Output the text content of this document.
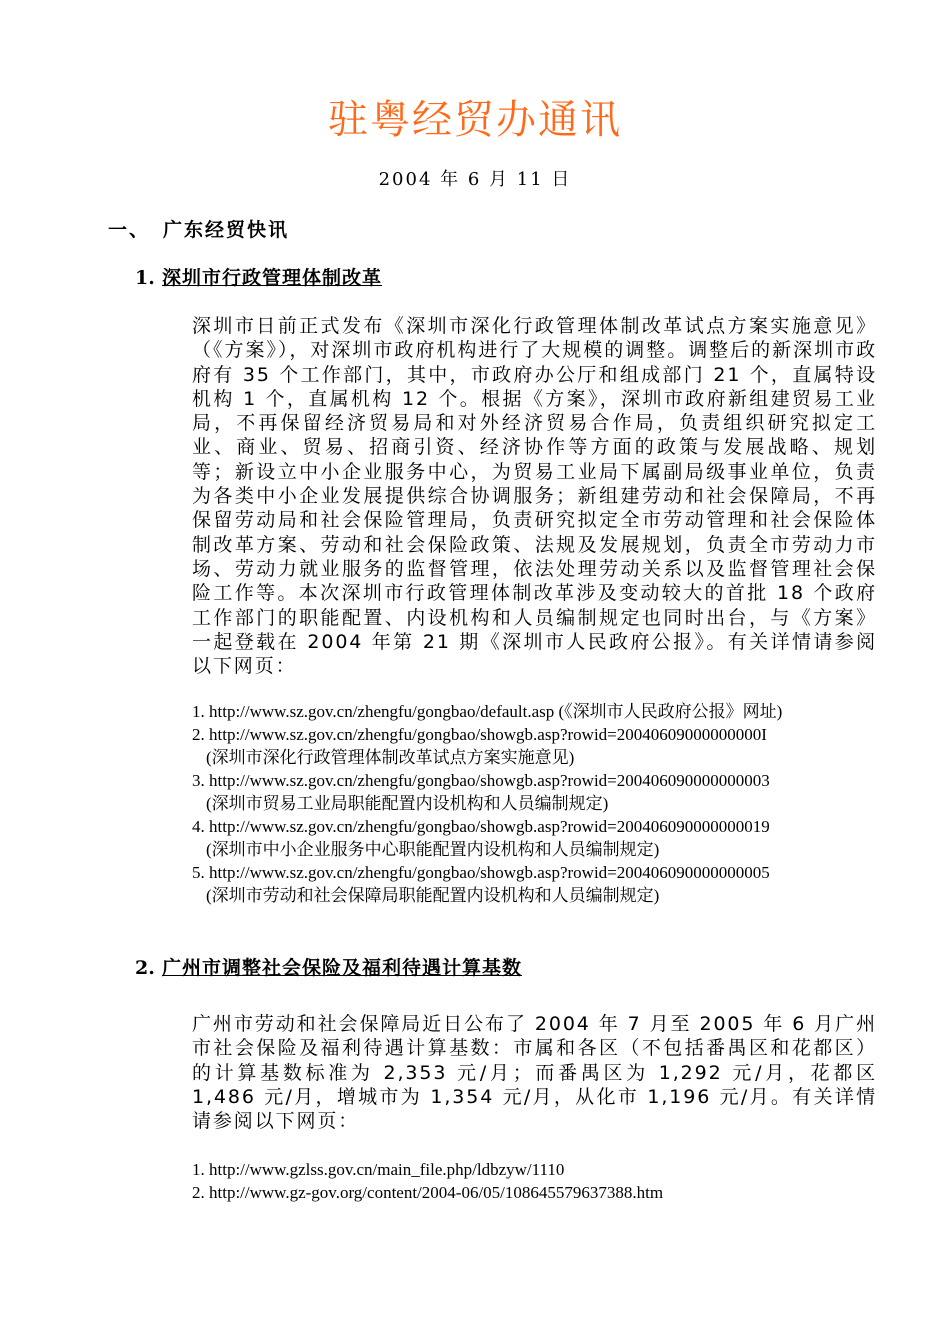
驻粤经贸办通讯
2004 年 6 月 11 日
一、 广东经贸快讯
1. 深圳市行政管理体制改革
深圳市日前正式发布《深圳市深化行政管理体制改革试点方案实施意见》（《方案》），对深圳市政府机构进行了大规模的调整。调整后的新深圳市政府有 35 个工作部门，其中，市政府办公厅和组成部门 21 个，直属特设机构 1 个，直属机构 12 个。根据《方案》，深圳市政府新组建贸易工业局，不再保留经济贸易局和对外经济贸易合作局，负责组织研究拟定工业、商业、贸易、招商引资、经济协作等方面的政策与发展战略、规划等；新设立中小企业服务中心，为贸易工业局下属副局级事业单位，负责为各类中小企业发展提供综合协调服务；新组建劳动和社会保障局，不再保留劳动局和社会保险管理局，负责研究拟定全市劳动管理和社会保险体制改革方案、劳动和社会保险政策、法规及发展规划，负责全市劳动力市场、劳动力就业服务的监督管理，依法处理劳动关系以及监督管理社会保险工作等。本次深圳市行政管理体制改革涉及变动较大的首批 18 个政府工作部门的职能配置、内设机构和人员编制规定也同时出台，与《方案》一起登载在 2004 年第 21 期《深圳市人民政府公报》。有关详情请参阅以下网页：
1. http://www.sz.gov.cn/zhengfu/gongbao/default.asp (《深圳市人民政府公报》网址)
2. http://www.sz.gov.cn/zhengfu/gongbao/showgb.asp?rowid=20040609000000000I
(深圳市深化行政管理体制改革试点方案实施意见)
3. http://www.sz.gov.cn/zhengfu/gongbao/showgb.asp?rowid=200406090000000003
(深圳市贸易工业局职能配置内设机构和人员编制规定)
4. http://www.sz.gov.cn/zhengfu/gongbao/showgb.asp?rowid=200406090000000019
(深圳市中小企业服务中心职能配置内设机构和人员编制规定)
5. http://www.sz.gov.cn/zhengfu/gongbao/showgb.asp?rowid=200406090000000005
(深圳市劳动和社会保障局职能配置内设机构和人员编制规定)
2. 广州市调整社会保险及福利待遇计算基数
广州市劳动和社会保障局近日公布了 2004 年 7 月至 2005 年 6 月广州市社会保险及福利待遇计算基数：市属和各区（不包括番禺区和花都区）的计算基数标准为 2,353 元/月；而番禺区为 1,292 元/月，花都区 1,486 元/月，增城市为 1,354 元/月，从化市 1,196 元/月。有关详情请参阅以下网页：
1. http://www.gzlss.gov.cn/main_file.php/ldbzyw/1110
2. http://www.gz-gov.org/content/2004-06/05/108645579637388.htm
